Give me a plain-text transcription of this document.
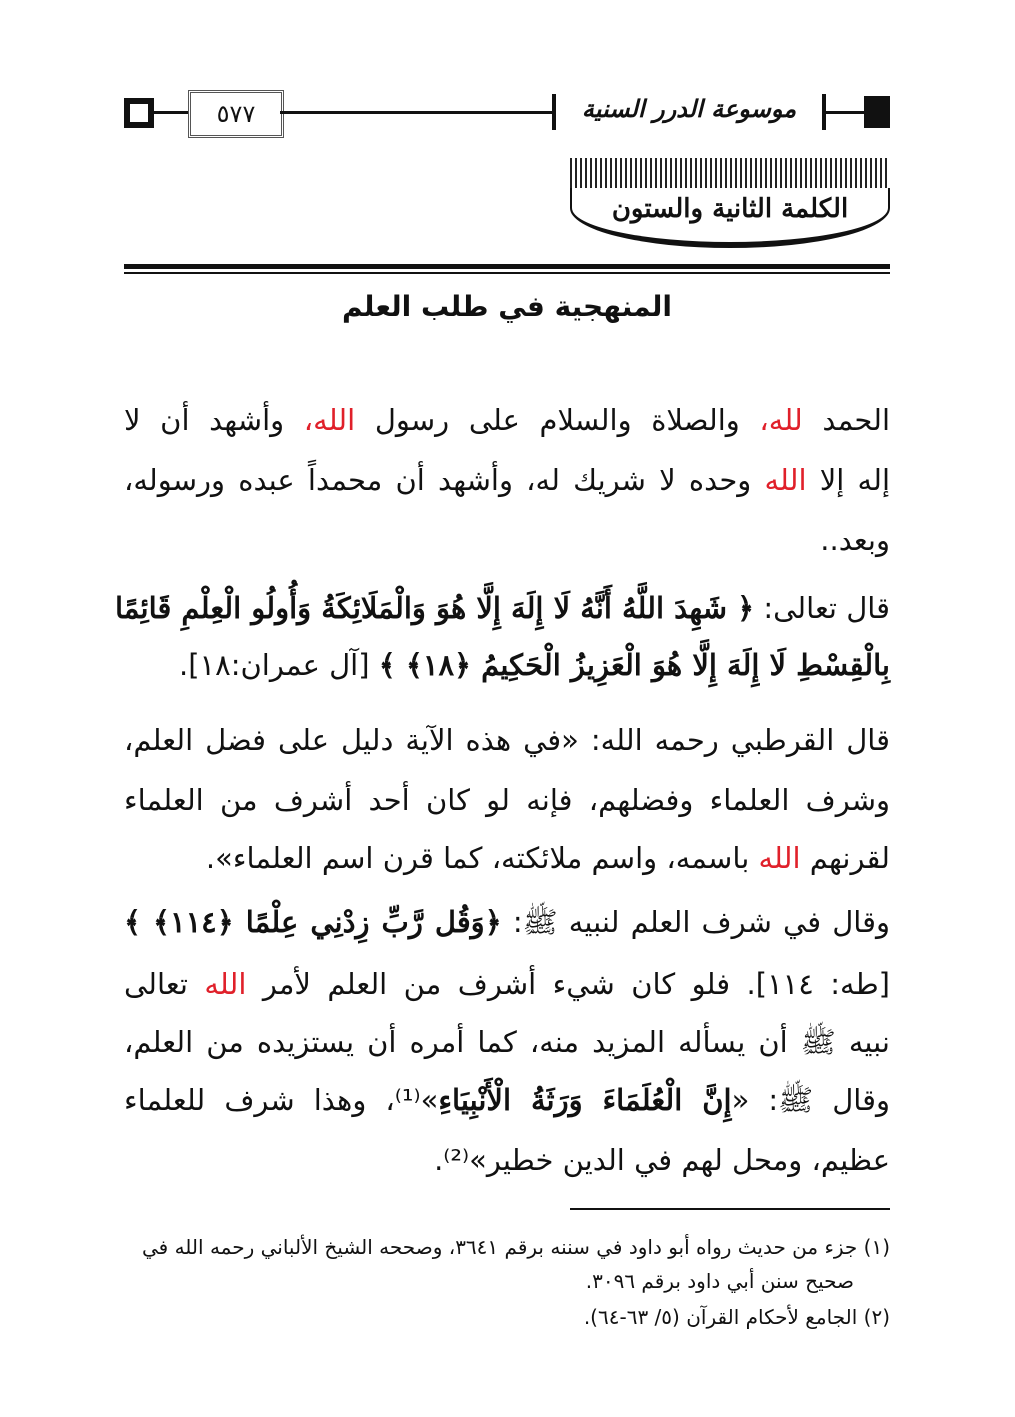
٥٧٧	موسوعة الدرر السنية
الكلمة الثانية والستون
المنهجية في طلب العلم
الحمد لله، والصلاة والسلام على رسول الله، وأشهد أن لا
إله إلا الله وحده لا شريك له، وأشهد أن محمداً عبده ورسوله،
وبعد..
قال تعالى: ﴿ شَهِدَ اللَّهُ أَنَّهُ لَا إِلَهَ إِلَّا هُوَ وَالْمَلَائِكَةُ وَأُولُو الْعِلْمِ قَائِمًا
بِالْقِسْطِ لَا إِلَهَ إِلَّا هُوَ الْعَزِيزُ الْحَكِيمُ ﴿١٨﴾ ﴾ [آل عمران:١٨].
قال القرطبي رحمه الله: «في هذه الآية دليل على فضل العلم،
وشرف العلماء وفضلهم، فإنه لو كان أحد أشرف من العلماء
لقرنهم الله باسمه، واسم ملائكته، كما قرن اسم العلماء».
وقال في شرف العلم لنبيه ﷺ: ﴿وَقُل رَّبِّ زِدْنِي عِلْمًا ﴿١١٤﴾ ﴾
[طه: ١١٤]. فلو كان شيء أشرف من العلم لأمر الله تعالى
نبيه ﷺ أن يسأله المزيد منه، كما أمره أن يستزيده من العلم،
وقال ﷺ: «إِنَّ الْعُلَمَاءَ وَرَثَةُ الْأَنْبِيَاءِ»⁽¹⁾، وهذا شرف للعلماء
عظيم، ومحل لهم في الدين خطير»⁽²⁾.
(١) جزء من حديث رواه أبو داود في سننه برقم ٣٦٤١، وصححه الشيخ الألباني رحمه الله في
صحيح سنن أبي داود برقم ٣٠٩٦.
(٢) الجامع لأحكام القرآن (٥/ ٦٣-٦٤).
